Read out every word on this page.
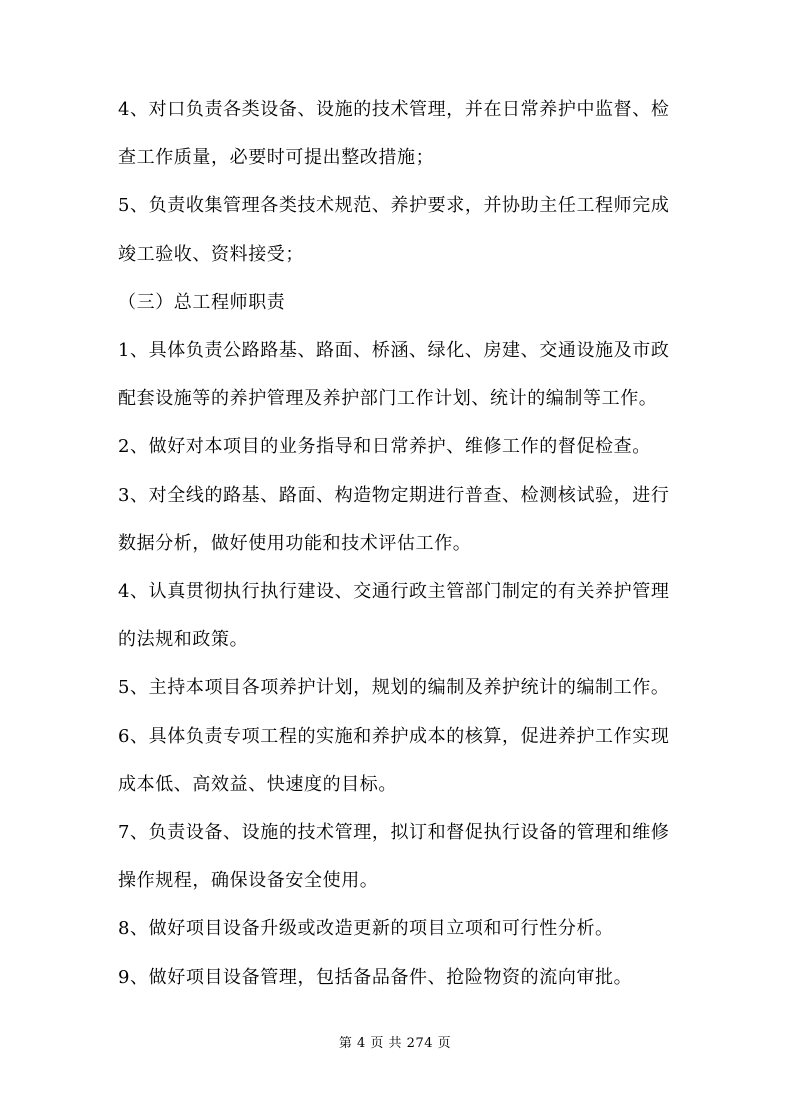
4、对口负责各类设备、设施的技术管理，并在日常养护中监督、检
查工作质量，必要时可提出整改措施；
5、负责收集管理各类技术规范、养护要求，并协助主任工程师完成
竣工验收、资料接受；
（三）总工程师职责
1、具体负责公路路基、路面、桥涵、绿化、房建、交通设施及市政
配套设施等的养护管理及养护部门工作计划、统计的编制等工作。
2、做好对本项目的业务指导和日常养护、维修工作的督促检查。
3、对全线的路基、路面、构造物定期进行普查、检测核试验，进行
数据分析，做好使用功能和技术评估工作。
4、认真贯彻执行执行建设、交通行政主管部门制定的有关养护管理
的法规和政策。
5、主持本项目各项养护计划，规划的编制及养护统计的编制工作。
6、具体负责专项工程的实施和养护成本的核算，促进养护工作实现
成本低、高效益、快速度的目标。
7、负责设备、设施的技术管理，拟订和督促执行设备的管理和维修
操作规程，确保设备安全使用。
8、做好项目设备升级或改造更新的项目立项和可行性分析。
9、做好项目设备管理，包括备品备件、抢险物资的流向审批。
第 4 页 共 274 页
